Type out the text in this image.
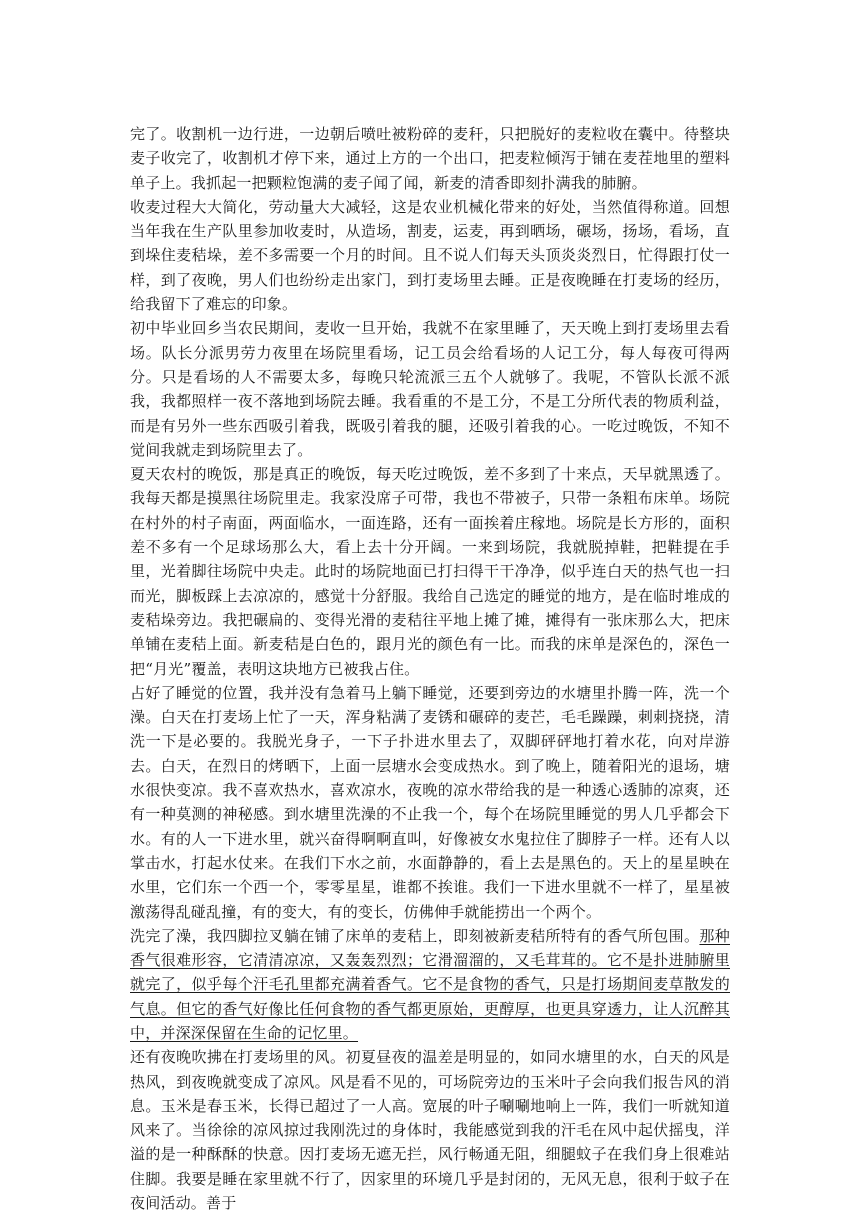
完了。收割机一边行进，一边朝后喷吐被粉碎的麦秆，只把脱好的麦粒收在囊中。待整块麦子收完了，收割机才停下来，通过上方的一个出口，把麦粒倾泻于铺在麦茬地里的塑料单子上。我抓起一把颗粒饱满的麦子闻了闻，新麦的清香即刻扑满我的肺腑。

收麦过程大大简化，劳动量大大减轻，这是农业机械化带来的好处，当然值得称道。回想当年我在生产队里参加收麦时，从造场，割麦，运麦，再到晒场，碾场，扬场，看场，直到垛住麦秸垛，差不多需要一个月的时间。且不说人们每天头顶炎炎烈日，忙得跟打仗一样，到了夜晚，男人们也纷纷走出家门，到打麦场里去睡。正是夜晚睡在打麦场的经历，给我留下了难忘的印象。

初中毕业回乡当农民期间，麦收一旦开始，我就不在家里睡了，天天晚上到打麦场里去看场。队长分派男劳力夜里在场院里看场，记工员会给看场的人记工分，每人每夜可得两分。只是看场的人不需要太多，每晚只轮流派三五个人就够了。我呢，不管队长派不派我，我都照样一夜不落地到场院去睡。我看重的不是工分，不是工分所代表的物质利益，而是有另外一些东西吸引着我，既吸引着我的腿，还吸引着我的心。一吃过晚饭，不知不觉间我就走到场院里去了。

夏天农村的晚饭，那是真正的晚饭，每天吃过晚饭，差不多到了十来点，天早就黑透了。我每天都是摸黑往场院里走。我家没席子可带，我也不带被子，只带一条粗布床单。场院在村外的村子南面，两面临水，一面连路，还有一面挨着庄稼地。场院是长方形的，面积差不多有一个足球场那么大，看上去十分开阔。一来到场院，我就脱掉鞋，把鞋提在手里，光着脚往场院中央走。此时的场院地面已打扫得干干净净，似乎连白天的热气也一扫而光，脚板踩上去凉凉的，感觉十分舒服。我给自己选定的睡觉的地方，是在临时堆成的麦秸垛旁边。我把碾扁的、变得光滑的麦秸往平地上摊了摊，摊得有一张床那么大，把床单铺在麦秸上面。新麦秸是白色的，跟月光的颜色有一比。而我的床单是深色的，深色一把“月光”覆盖，表明这块地方已被我占住。

占好了睡觉的位置，我并没有急着马上躺下睡觉，还要到旁边的水塘里扑腾一阵，洗一个澡。白天在打麦场上忙了一天，浑身粘满了麦锈和碾碎的麦芒，毛毛躁躁，刺刺挠挠，清洗一下是必要的。我脱光身子，一下子扑进水里去了，双脚砰砰地打着水花，向对岸游去。白天，在烈日的烤晒下，上面一层塘水会变成热水。到了晚上，随着阳光的退场，塘水很快变凉。我不喜欢热水，喜欢凉水，夜晚的凉水带给我的是一种透心透肺的凉爽，还有一种莫测的神秘感。到水塘里洗澡的不止我一个，每个在场院里睡觉的男人几乎都会下水。有的人一下进水里，就兴奋得啊啊直叫，好像被女水鬼拉住了脚脖子一样。还有人以掌击水，打起水仗来。在我们下水之前，水面静静的，看上去是黑色的。天上的星星映在水里，它们东一个西一个，零零星星，谁都不挨谁。我们一下进水里就不一样了，星星被激荡得乱碰乱撞，有的变大，有的变长，仿佛伸手就能捞出一个两个。

洗完了澡，我四脚拉叉躺在铺了床单的麦秸上，即刻被新麦秸所特有的香气所包围。那种香气很难形容，它清清凉凉，又轰轰烈烈；它滑溜溜的，又毛茸茸的。它不是扑进肺腑里就完了，似乎每个汗毛孔里都充满着香气。它不是食物的香气，只是打场期间麦草散发的气息。但它的香气好像比任何食物的香气都更原始，更醇厚，也更具穿透力，让人沉醉其中，并深深保留在生命的记忆里。

还有夜晚吹拂在打麦场里的风。初夏昼夜的温差是明显的，如同水塘里的水，白天的风是热风，到夜晚就变成了凉风。风是看不见的，可场院旁边的玉米叶子会向我们报告风的消息。玉米是春玉米，长得已超过了一人高。宽展的叶子唰唰地响上一阵，我们一听就知道风来了。当徐徐的凉风掠过我刚洗过的身体时，我能感觉到我的汗毛在风中起伏摇曳，洋溢的是一种酥酥的快意。因打麦场无遮无拦，风行畅通无阻，细腿蚊子在我们身上很难站住脚。我要是睡在家里就不行了，因家里的环境几乎是封闭的，无风无息，很利于蚊子在夜间活动。善于
